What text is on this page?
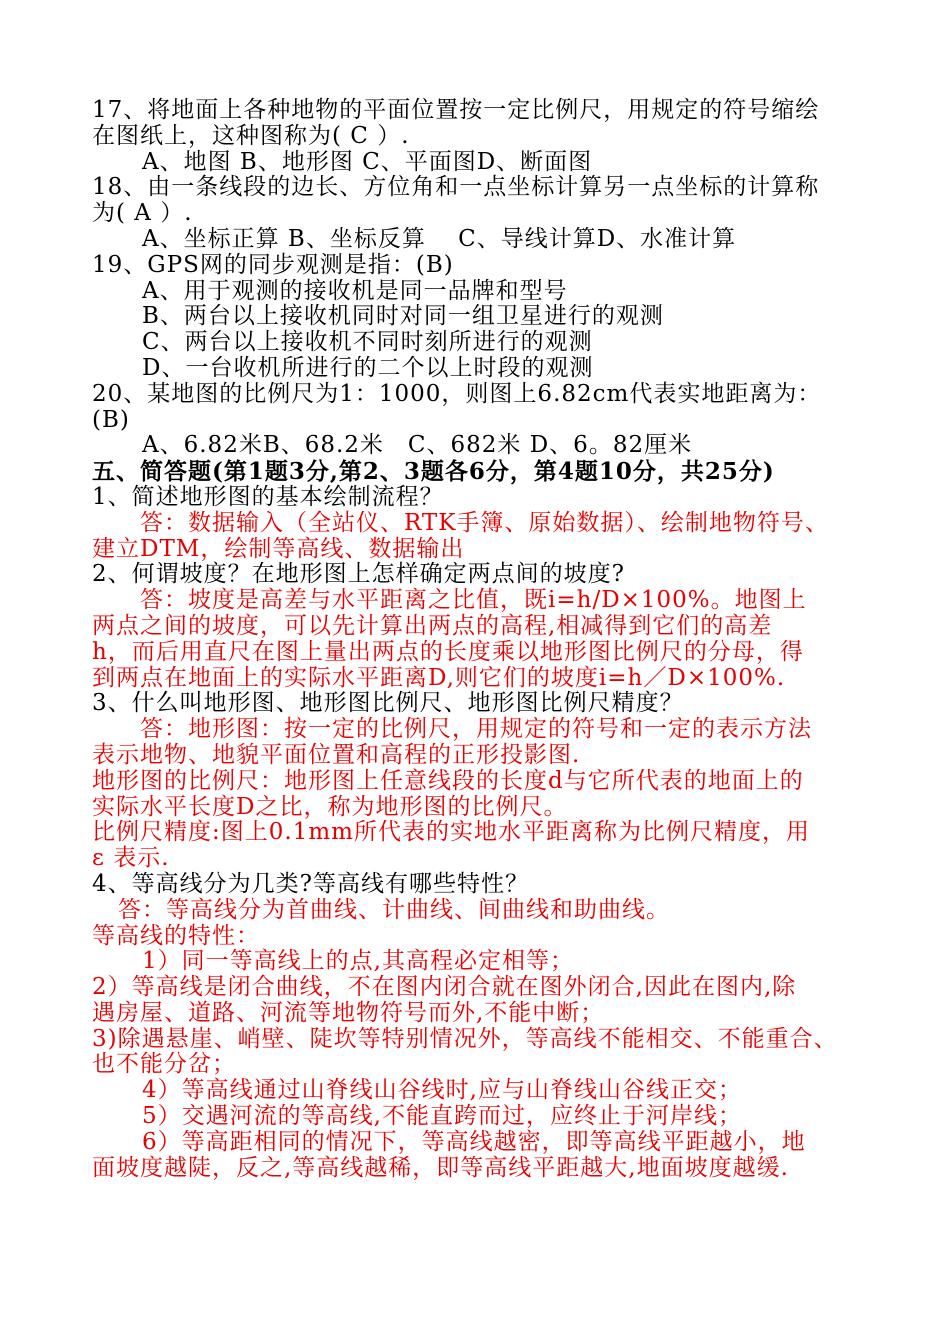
17、将地面上各种地物的平面位置按一定比例尺，用规定的符号缩绘
在图纸上，这种图称为( C ）.
A、地图 B、地形图 C、平面图D、断面图
18、由一条线段的边长、方位角和一点坐标计算另一点坐标的计算称
为( A ）.
A、坐标正算 B、坐标反算　 C、导线计算D、水准计算
19、GPS网的同步观测是指：(B)
A、用于观测的接收机是同一品牌和型号
B、两台以上接收机同时对同一组卫星进行的观测
C、两台以上接收机不同时刻所进行的观测
D、一台收机所进行的二个以上时段的观测
20、某地图的比例尺为1：1000，则图上6.82cm代表实地距离为：
(B)
A、6.82米B、68.2米　C、682米 D、6。82厘米
五、简答题(第1题3分,第2、3题各6分，第4题10分，共25分)
1、简述地形图的基本绘制流程？
答：数据输入（全站仪、RTK手簿、原始数据）、绘制地物符号、
建立DTM，绘制等高线、数据输出
2、何谓坡度？在地形图上怎样确定两点间的坡度?
答：坡度是高差与水平距离之比值，既i=h/D×100%。地图上
两点之间的坡度，可以先计算出两点的高程,相减得到它们的高差
h，而后用直尺在图上量出两点的长度乘以地形图比例尺的分母，得
到两点在地面上的实际水平距离D,则它们的坡度i=h／D×100%.
3、什么叫地形图、地形图比例尺、地形图比例尺精度？
答：地形图：按一定的比例尺，用规定的符号和一定的表示方法
表示地物、地貌平面位置和高程的正形投影图.
地形图的比例尺：地形图上任意线段的长度d与它所代表的地面上的
实际水平长度D之比，称为地形图的比例尺。
比例尺精度:图上0.1mm所代表的实地水平距离称为比例尺精度，用
ε 表示.
4、等高线分为几类?等高线有哪些特性？
答：等高线分为首曲线、计曲线、间曲线和助曲线。
等高线的特性：
1）同一等高线上的点,其高程必定相等；
2）等高线是闭合曲线，不在图内闭合就在图外闭合,因此在图内,除
遇房屋、道路、河流等地物符号而外,不能中断；
3)除遇悬崖、峭壁、陡坎等特别情况外，等高线不能相交、不能重合、
也不能分岔；
4）等高线通过山脊线山谷线时,应与山脊线山谷线正交；
5）交遇河流的等高线,不能直跨而过，应终止于河岸线；
6）等高距相同的情况下，等高线越密，即等高线平距越小，地
面坡度越陡，反之,等高线越稀，即等高线平距越大,地面坡度越缓.
